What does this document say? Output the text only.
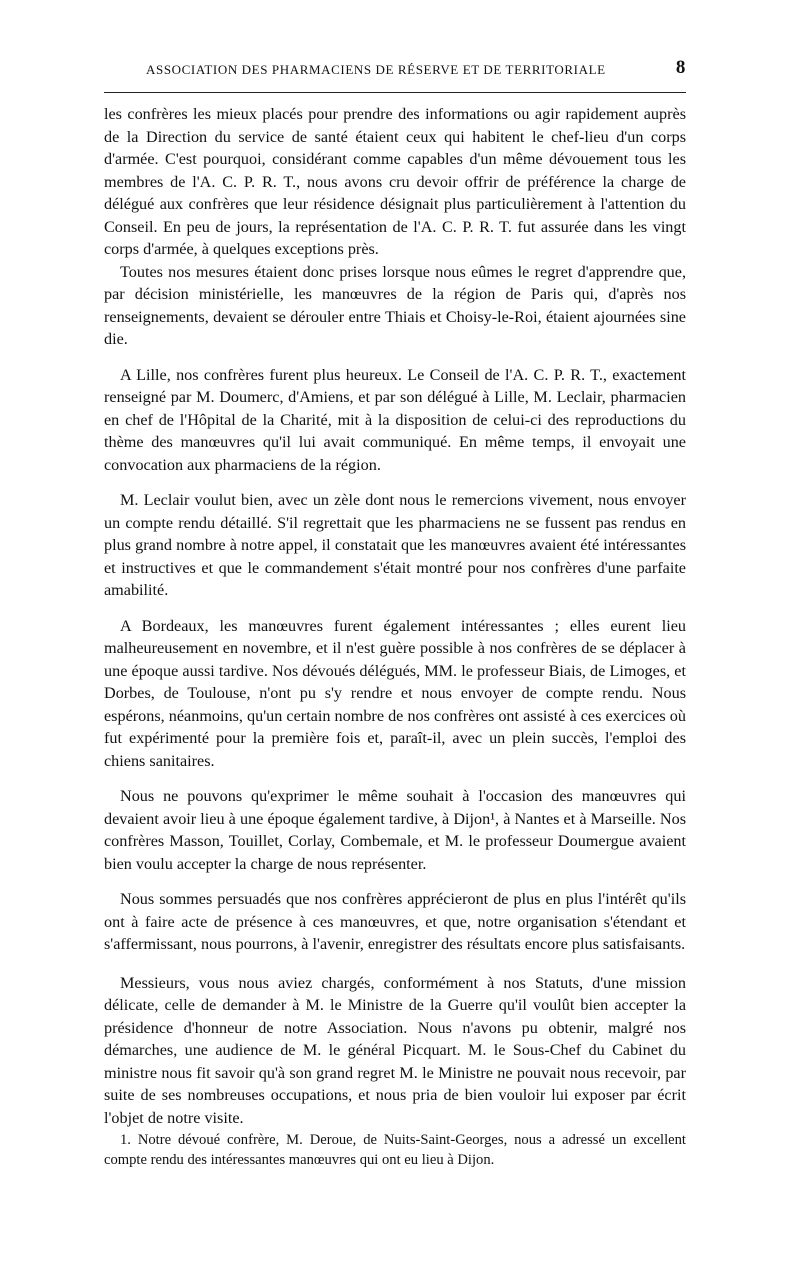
ASSOCIATION DES PHARMACIENS DE RÉSERVE ET DE TERRITORIALE	8

les confrères les mieux placés pour prendre des informations ou agir rapidement auprès de la Direction du service de santé étaient ceux qui habitent le chef-lieu d'un corps d'armée. C'est pourquoi, considérant comme capables d'un même dévouement tous les membres de l'A. C. P. R. T., nous avons cru devoir offrir de préférence la charge de délégué aux confrères que leur résidence désignait plus particulièrement à l'attention du Conseil. En peu de jours, la représentation de l'A. C. P. R. T. fut assurée dans les vingt corps d'armée, à quelques exceptions près.

Toutes nos mesures étaient donc prises lorsque nous eûmes le regret d'apprendre que, par décision ministérielle, les manœuvres de la région de Paris qui, d'après nos renseignements, devaient se dérouler entre Thiais et Choisy-le-Roi, étaient ajournées sine die.

A Lille, nos confrères furent plus heureux. Le Conseil de l'A. C. P. R. T., exactement renseigné par M. Doumerc, d'Amiens, et par son délégué à Lille, M. Leclair, pharmacien en chef de l'Hôpital de la Charité, mit à la disposition de celui-ci des reproductions du thème des manœuvres qu'il lui avait communiqué. En même temps, il envoyait une convocation aux pharmaciens de la région.

M. Leclair voulut bien, avec un zèle dont nous le remercions vivement, nous envoyer un compte rendu détaillé. S'il regrettait que les pharmaciens ne se fussent pas rendus en plus grand nombre à notre appel, il constatait que les manœuvres avaient été intéressantes et instructives et que le commandement s'était montré pour nos confrères d'une parfaite amabilité.

A Bordeaux, les manœuvres furent également intéressantes ; elles eurent lieu malheureusement en novembre, et il n'est guère possible à nos confrères de se déplacer à une époque aussi tardive. Nos dévoués délégués, MM. le professeur Biais, de Limoges, et Dorbes, de Toulouse, n'ont pu s'y rendre et nous envoyer de compte rendu. Nous espérons, néanmoins, qu'un certain nombre de nos confrères ont assisté à ces exercices où fut expérimenté pour la première fois et, paraît-il, avec un plein succès, l'emploi des chiens sanitaires.

Nous ne pouvons qu'exprimer le même souhait à l'occasion des manœuvres qui devaient avoir lieu à une époque également tardive, à Dijon¹, à Nantes et à Marseille. Nos confrères Masson, Touillet, Corlay, Combemale, et M. le professeur Doumergue avaient bien voulu accepter la charge de nous représenter.

Nous sommes persuadés que nos confrères apprécieront de plus en plus l'intérêt qu'ils ont à faire acte de présence à ces manœuvres, et que, notre organisation s'étendant et s'affermissant, nous pourrons, à l'avenir, enregistrer des résultats encore plus satisfaisants.

Messieurs, vous nous aviez chargés, conformément à nos Statuts, d'une mission délicate, celle de demander à M. le Ministre de la Guerre qu'il voulût bien accepter la présidence d'honneur de notre Association. Nous n'avons pu obtenir, malgré nos démarches, une audience de M. le général Picquart. M. le Sous-Chef du Cabinet du ministre nous fit savoir qu'à son grand regret M. le Ministre ne pouvait nous recevoir, par suite de ses nombreuses occupations, et nous pria de bien vouloir lui exposer par écrit l'objet de notre visite.

1. Notre dévoué confrère, M. Deroue, de Nuits-Saint-Georges, nous a adressé un excellent compte rendu des intéressantes manœuvres qui ont eu lieu à Dijon.
